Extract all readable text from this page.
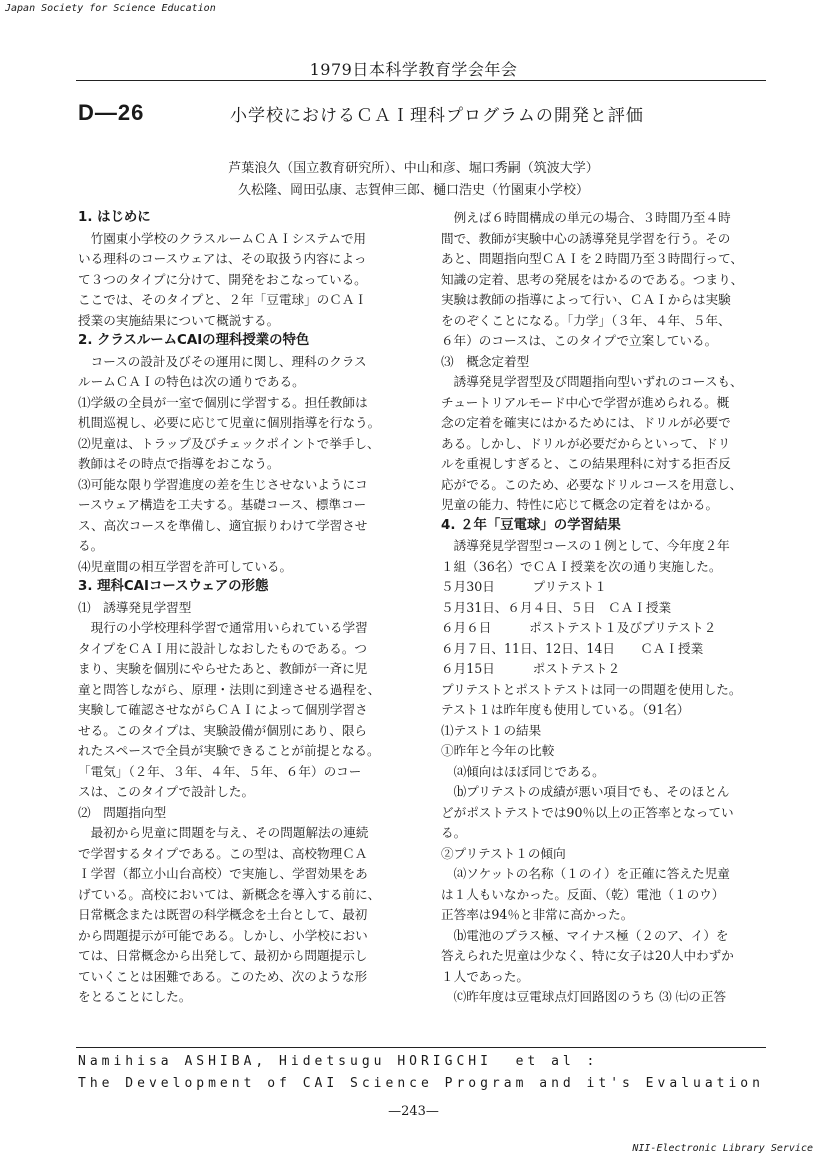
Japan Society for Science Education
1979日本科学教育学会年会
D—26	小学校におけるＣＡＩ理科プログラムの開発と評価
芦葉浪久（国立教育研究所）、中山和彦、堀口秀嗣（筑波大学）
久松隆、岡田弘康、志賀伸三郎、樋口浩史（竹園東小学校）
1. はじめに
　竹園東小学校のクラスルームＣＡＩシステムで用
いる理科のコースウェアは、その取扱う内容によっ
て３つのタイプに分けて、開発をおこなっている。
ここでは、そのタイプと、２年「豆電球」のＣＡＩ
授業の実施結果について概説する。
2. クラスルームCAIの理科授業の特色
　コースの設計及びその運用に関し、理科のクラス
ルームＣＡＩの特色は次の通りである。
⑴学級の全員が一室で個別に学習する。担任教師は
机間巡視し、必要に応じて児童に個別指導を行なう。
⑵児童は、トラップ及びチェックポイントで挙手し、
教師はその時点で指導をおこなう。
⑶可能な限り学習進度の差を生じさせないようにコ
ースウェア構造を工夫する。基礎コース、標準コー
ス、高次コースを準備し、適宜振りわけて学習させ
る。
⑷児童間の相互学習を許可している。
3. 理科CAIコースウェアの形態
⑴　誘導発見学習型
　現行の小学校理科学習で通常用いられている学習
タイプをＣＡＩ用に設計しなおしたものである。つ
まり、実験を個別にやらせたあと、教師が一斉に児
童と問答しながら、原理・法則に到達させる過程を、
実験して確認させながらＣＡＩによって個別学習さ
せる。このタイプは、実験設備が個別にあり、限ら
れたスペースで全員が実験できることが前提となる。
「電気」（２年、３年、４年、５年、６年）のコー
スは、このタイプで設計した。
⑵　問題指向型
　最初から児童に問題を与え、その問題解法の連続
で学習するタイプである。この型は、高校物理ＣＡ
Ｉ学習（都立小山台高校）で実施し、学習効果をあ
げている。高校においては、新概念を導入する前に、
日常概念または既習の科学概念を土台として、最初
から問題提示が可能である。しかし、小学校におい
ては、日常概念から出発して、最初から問題提示し
ていくことは困難である。このため、次のような形
をとることにした。
　例えば６時間構成の単元の場合、３時間乃至４時
間で、教師が実験中心の誘導発見学習を行う。その
あと、問題指向型ＣＡＩを２時間乃至３時間行って、
知識の定着、思考の発展をはかるのである。つまり、
実験は教師の指導によって行い、ＣＡＩからは実験
をのぞくことになる。「力学」（３年、４年、５年、
６年）のコースは、このタイプで立案している。
⑶　概念定着型
　誘導発見学習型及び問題指向型いずれのコースも、
チュートリアルモード中心で学習が進められる。概
念の定着を確実にはかるためには、ドリルが必要で
ある。しかし、ドリルが必要だからといって、ドリ
ルを重視しすぎると、この結果理科に対する拒否反
応がでる。このため、必要なドリルコースを用意し、
児童の能力、特性に応じて概念の定着をはかる。
4. ２年「豆電球」の学習結果
　誘導発見学習型コースの１例として、今年度２年
１組（36名）でＣＡＩ授業を次の通り実施した。
５月30日　　　プリテスト１
５月31日、６月４日、５日　ＣＡＩ授業
６月６日　　　ポストテスト１及びプリテスト２
６月７日、11日、12日、14日　　ＣＡＩ授業
６月15日　　　ポストテスト２
プリテストとポストテストは同一の問題を使用した。
テスト１は昨年度も使用している。（91名）
⑴テスト１の結果
①昨年と今年の比較
　⒜傾向はほぼ同じである。
　⒝プリテストの成績が悪い項目でも、そのほとん
どがポストテストでは90％以上の正答率となってい
る。
②プリテスト１の傾向
　⒜ソケットの名称（１のイ）を正確に答えた児童
は１人もいなかった。反面、（乾）電池（１のウ）
正答率は94％と非常に高かった。
　⒝電池のプラス極、マイナス極（２のア、イ）を
答えられた児童は少なく、特に女子は20人中わずか
１人であった。
　⒞昨年度は豆電球点灯回路図のうち ⑶ ㈦の正答
Namihisa ASHIBA, Hidetsugu HORIGCHI  et al :
The Development of CAI Science Program and it's Evaluation
—243—
NII-Electronic Library Service
